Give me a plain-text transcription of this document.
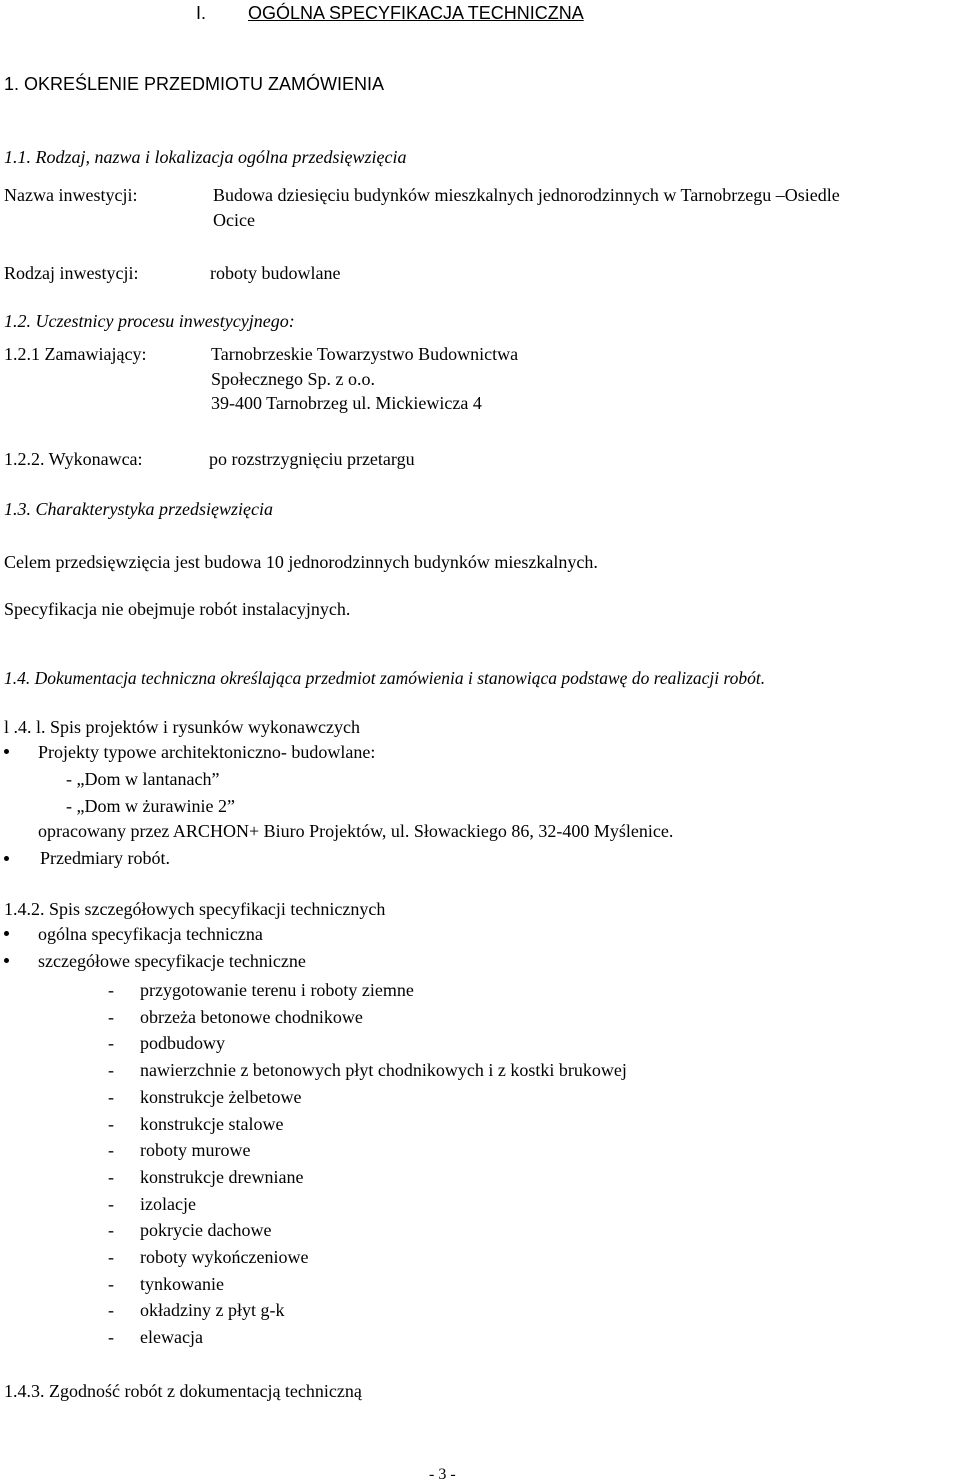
I. OGÓLNA SPECYFIKACJA TECHNICZNA
1. OKREŚLENIE PRZEDMIOTU ZAMÓWIENIA
1.1. Rodzaj, nazwa i lokalizacja ogólna przedsięwzięcia
Nazwa inwestycji:	Budowa dziesięciu budynków mieszkalnych jednorodzinnych w Tarnobrzegu –Osiedle
Ocice
Rodzaj inwestycji:	roboty budowlane
1.2. Uczestnicy procesu inwestycyjnego:
1.2.1 Zamawiający:	Tarnobrzeskie Towarzystwo Budownictwa
Społecznego Sp. z o.o.
39-400 Tarnobrzeg ul. Mickiewicza 4
1.2.2. Wykonawca:	po rozstrzygnięciu przetargu
1.3. Charakterystyka przedsięwzięcia
Celem przedsięwzięcia jest budowa 10 jednorodzinnych budynków mieszkalnych.
Specyfikacja nie obejmuje robót instalacyjnych.
1.4. Dokumentacja techniczna określająca przedmiot zamówienia i stanowiąca podstawę do realizacji robót.
l .4. l. Spis projektów i rysunków wykonawczych
Projekty typowe architektoniczno- budowlane:
- „Dom w lantanach”
- „Dom w żurawinie 2”
opracowany przez ARCHON+ Biuro Projektów, ul. Słowackiego 86, 32-400 Myślenice.
Przedmiary robót.
1.4.2. Spis szczegółowych specyfikacji technicznych
ogólna specyfikacja techniczna
szczegółowe specyfikacje techniczne
- przygotowanie terenu i roboty ziemne
- obrzeża betonowe chodnikowe
- podbudowy
- nawierzchnie z betonowych płyt chodnikowych i z kostki brukowej
- konstrukcje żelbetowe
- konstrukcje stalowe
- roboty murowe
- konstrukcje drewniane
- izolacje
- pokrycie dachowe
- roboty wykończeniowe
- tynkowanie
- okładziny z płyt g-k
- elewacja
1.4.3. Zgodność robót z dokumentacją techniczną
- 3 -
